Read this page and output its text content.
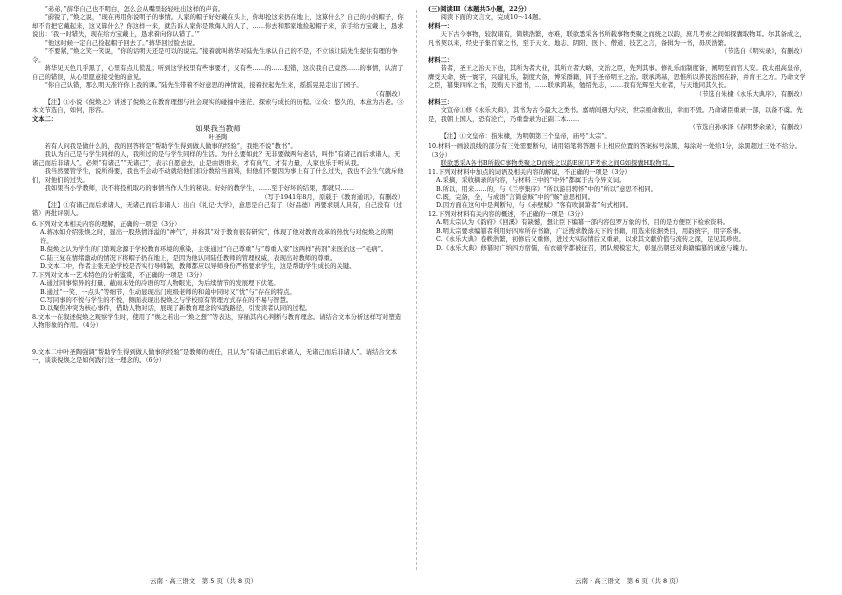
“弟弟，”薛华自己也不明白，怎么会从嘴里轻轻吐出这样的声音。

“蔚锐了，”焕之说，“现在再用你说明子的事情。人家的帽子好好戴在头上，你却抢这来扔在地上，这算什么？自己的小的帽子，你却不肯把它戴起来，这又算什么？你这样一来，就告诉人家你是欺侮人的人了，……你去和那家地捡起帽子来，亲手给方宝戴上，恳求说出：‘我一时错失，现在给方宝戴上，恳求着向你认错了。’”

“他这时候一定自己捡起帽子回去了。”蒋华回过脸去说。

“不要紧，”焕之笑一笑说，“你的话明天还是可以的说完。”接着就叫蒋华对陆先生承认自己的不是，不立该让陆先生捉住有理的争令。

蒋华见天色几乎黑了，心里有点儿慌乱；听到这学校里有些事要才，又有些……的……犯错，这次我自己竟然……的事情，认清了自己的错误，从心里愿意接受他的意见。

“你自己认错，那么明天准许你上我的课。”陆先生带着不好意思的神情说，接着拉起先生来，摇摇晃晃走出了园子。

（有删改）

【注】①小说《倪焕之》讲述了倪焕之在教育理想与社会现实的碰撞中迷茫、探索与成长的历程。②众：悠久的，本意为古老。③本文节选自，如何，形容。

文本二：

如果我当教师

叶圣陶

若有人问我是做什么的，我的回答将是“帮助学生得到做人做事的经验”，我绝不说“教书”。

我认为自己是与学生同样的人，我所过的是与学生同样的生活。为什么要如此？无非要做两句老话，叫作“有诸己而后求诸人，无诸己而后非诸人”。必须“有诸己”“无诸己”，表示自愿意去，止是由语语来，才有真气、才有力量，人家也乐于听从我。

我当然要管学生，说所得要，我也不会动不动就给他们扣分数给当面骂，但他们不要因为事上有了什么过失，我也不会生气就斥他们，对他们的过失。

我如果当小学教师，决不将投机取巧的事情当作人生的秘诀。好好的教学生，……至于好坏的结果，那就只……

（写于1941年8月，原载于《教育通讯》，有删改）

【注】①有诸己而后求诸人，无诸己而后非诸人：出自《礼记·大学》，意思是自己有了（好品德）再要求别人具有，自己没有（过错）再批评别人。

6.下列对文本相关内容的理解，正确的一项是（3分）

A.蒋冰如介绍张焕之时，显出一股热情洋溢的“神气”，并称其“对于教育很有研究”，体现了他对教育改革的热忱与对倪焕之的期许。

B.倪焕之认为学生的门第观念源于学校教育环境的熏染，主张通过“自己尊重”与“尊重人家”这两样“药剂”来医治这一“毛病”。

C.陆三复在情绪激动的情况下将帽子扔在地上，是因为他认同陆任教师的管理权威，表现出对教师的尊重。

D.文本二中，作者主张无论学校是否实行导师制，教师都应以导师身份严格要求学生，这是帮助学生成长的关键。

7.下列对文本一艺术特色的分析鉴赏，不正确的一项是（3分）

A.通过同事惊异的打量、蔽雨末处的冷语的写人物眼光，为后续情节的发展埋下伏笔。

B.通过“一笑、一点头”等细节，生动显现出门班级老师的和蔼中同时又“忧”与“存在的特点。

C.写同事的不悦与学生的不悦，侧面表现出倪焕之与学校原有管理方式存在的不易与智慧。

D.以聚焦冲突为核心事件，借助人物对话，展现了新教育理念的实践路径，引发读者认同的过程。

8.文本一在叙述倪焕之观察学生时，使用了“焕之若出一‘焕之想’”等表达，穿插其内心判断与教育理念。请结合文本分析这样写对塑造人物形象的作用。（4分）

9.文本二中叶圣陶强调“帮助学生得到做人做事的经验”是教师的责任，且认为“有诸己而后求诸人，无诸己而后非诸人”。请结合文本一，谈谈倪焕之是如何践行这一理念的。（6分）

(三)阅读Ⅲ（本题共5小题，22分）

阅读下面的文言文，完成10～14题。

材料一：

天下古今事物，较叙诸有，简牍浩繁，亦难，联欲悉采各书所载事物类聚之而统之以韵，庶几考索之间如探囊取物耳。尔其备成之，凡书契以来，经史子集百家之书，至于天文、地志、阴阳、医卜、僧道、技艺之言，备辑为一书，毋厌浩繁。

（节选自《明实录》，有删改）

材料二：

昔者，圣王之治天下也，其所为者大业，其所立者大略，文治之臣，先列其事。修礼乐而制度备，阐明至而官人安。我太祖高皇帝，膺受天命，统一寰宇，兴建礼乐，制度大备，博采群籍，同于圣帝明王之治。联承鸿基，思惟所以养民治国在辟，并育王之方。乃命文学之臣，纂集四库之书，及购天下遗书，……联承鸿基，勉绍先志，……我有光辉至大业者，与天地同其久长。

（节选自朱棣《永乐大典序》，有删改）

材料三：

文宣帝①修《永乐大典》，其书为古今最大之类书。嘉靖间遇大内灾，世宗亟命救出，幸而不毁。乃命诸臣重录一部，以备不虞。先是，我朝上国人，恐有沦亡，乃重誊录为正副二本……

（节选自孙承泽《春明梦余录》，有删改）

【注】①文皇帝：指朱棣，为明朝第三个皇帝，庙号“太宗”。

10.材料一画波浪线的部分有三处需要断句，请用铅笔将答题卡上相应位置的答案标号涂黑，每涂对一处给1分，涂黑超过三处不给分。（3分）

联欲悉采A各书B所载C事物类聚之D而统之以韵E庶几F考索之间G如探囊H取物耳。

11.下列对材料中加点的词语及相关内容的解说，不正确的一项是（3分）

A.采摘，采收摘录的内容，与材料三中的“中外”都属于古今异义词。

B.所以，用来……的，与《兰亭集序》“所以游目骋怀”中的“所以”意思不相同。

C.既，完备，全，与成语“言简意赅”中的“赅”意思相同。

D.因方面在这句中是判断句，与《赤壁赋》“客有吹洞箫者”句式相同。

12.下列对材料有关内容的概述，不正确的一项是（3分）

A.明太宗认为《韵府》《回溪》有缺憾，想让臣下编纂一部内容包罗万象的书，目的是方便臣下检索资料。

B.明太宗要求编纂者利用好四库所存书籍，广泛搜求散落天下的书籍，用选来依据类目，用韵统字，用字系事。

C.《永乐大典》卷帙浩繁，初修后又重修，进过大实际情后又重录，以求其文献价值与流传之深，足见其珍贵。

D.《永乐大典》修纂时广纳四方宿儒，布衣硕学都被征召，团队规模宏大，彰显出朝廷对典籍编纂的诚意与魄力。

云南 · 高三语文　第 5 页（共 8 页）	云南 · 高三语文　第 6 页（共 8 页）
